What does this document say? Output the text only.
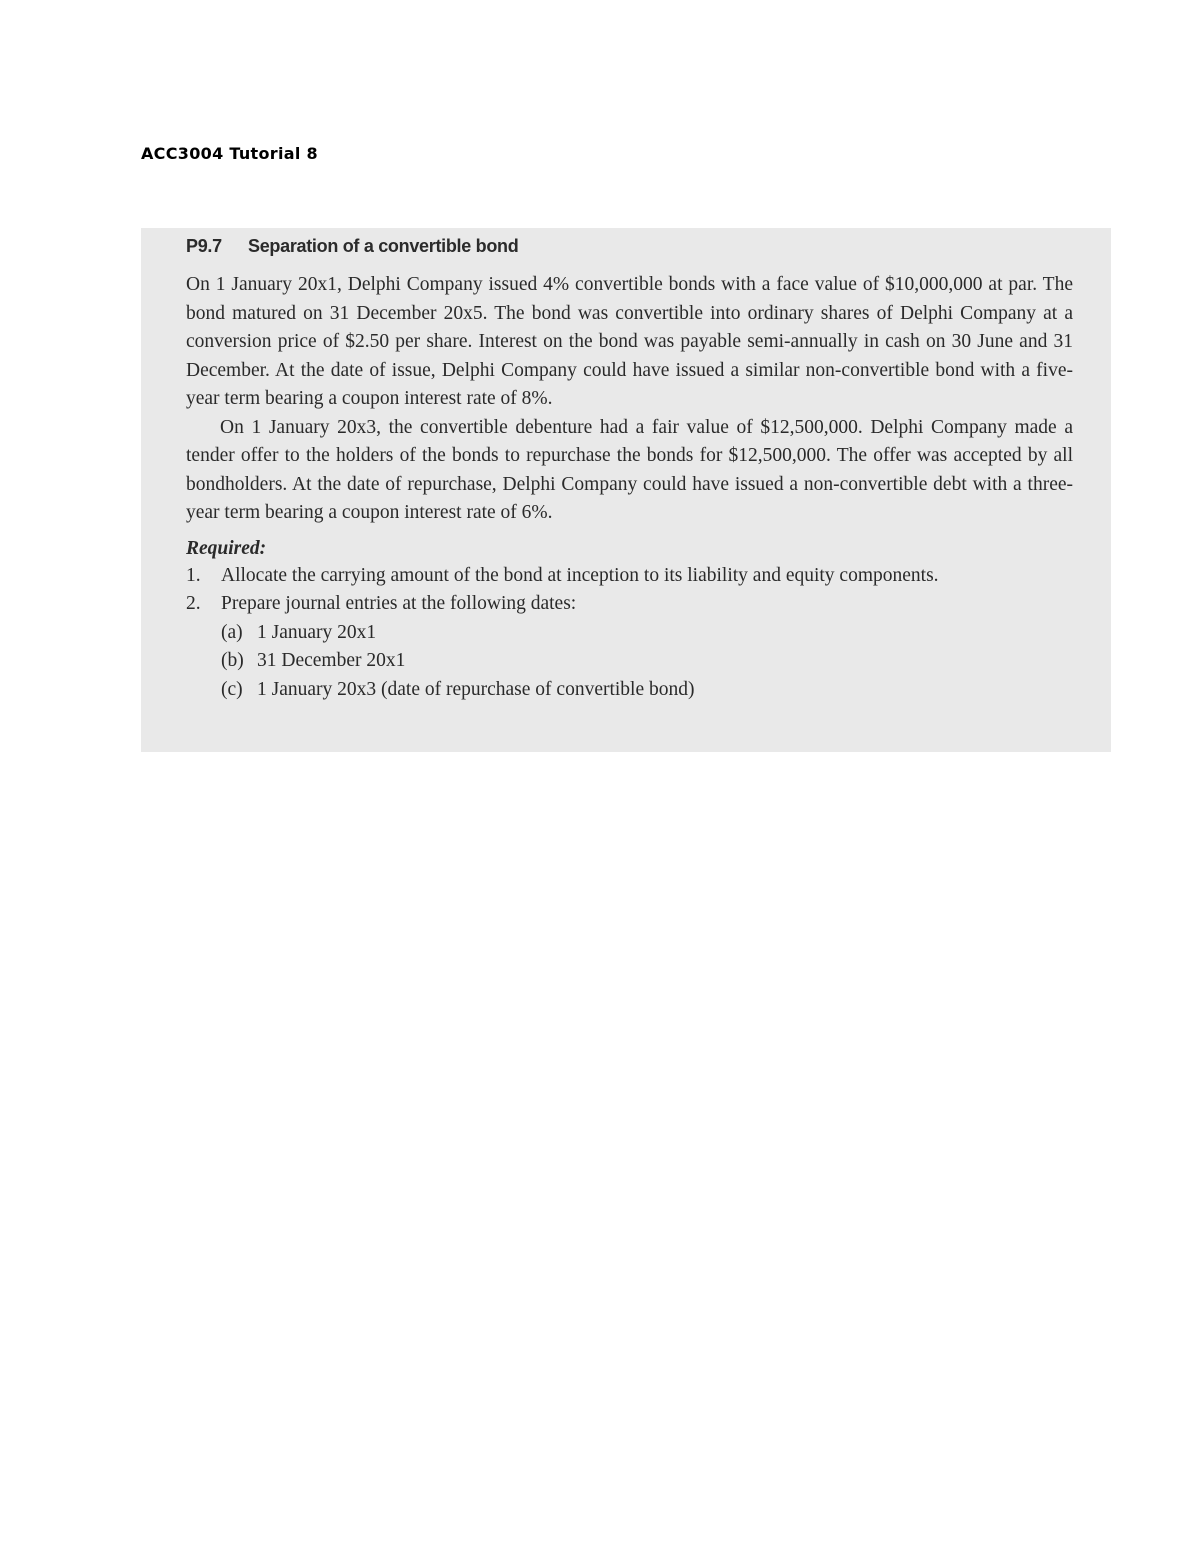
ACC3004 Tutorial 8
P9.7 Separation of a convertible bond

On 1 January 20x1, Delphi Company issued 4% convertible bonds with a face value of $10,000,000 at par. The bond matured on 31 December 20x5. The bond was convertible into ordinary shares of Delphi Company at a conversion price of $2.50 per share. Interest on the bond was payable semi-annually in cash on 30 June and 31 December. At the date of issue, Delphi Company could have issued a similar non-convertible bond with a five-year term bearing a coupon interest rate of 8%.

On 1 January 20x3, the convertible debenture had a fair value of $12,500,000. Delphi Company made a tender offer to the holders of the bonds to repurchase the bonds for $12,500,000. The offer was accepted by all bondholders. At the date of repurchase, Delphi Company could have issued a non-convertible debt with a three-year term bearing a coupon interest rate of 6%.

Required:
1.	Allocate the carrying amount of the bond at inception to its liability and equity components.
2.	Prepare journal entries at the following dates:
(a) 1 January 20x1
(b) 31 December 20x1
(c) 1 January 20x3 (date of repurchase of convertible bond)
